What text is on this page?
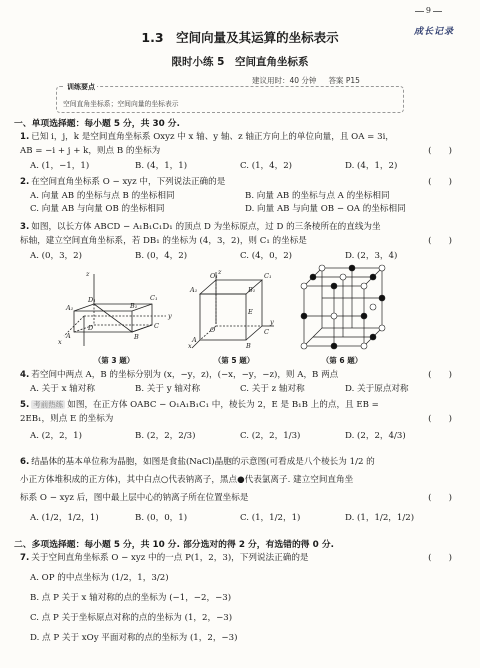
9
成长记录
1.3　空间向量及其运算的坐标表示
限时小练 5　空间直角坐标系
建议用时：40 分钟 答案 P15
训练要点
空间直角坐标系；空间向量的坐标表示
一、单项选择题：每小题 5 分，共 30 分.
1. 已知 i，j，k 是空间直角坐标系 Oxyz 中 x 轴、y 轴、z 轴正方向上的单位向量，且 OA = 3i，
AB = −i + j + k，则点 B 的坐标为	(　　)
A. (1，−1，1)	B. (4，1，1)	C. (1，4，2)	D. (4，1，2)
2. 在空间直角坐标系 O − xyz 中，下列说法正确的是	(　　)
A. 向量 AB 的坐标与点 B 的坐标相同	B. 向量 AB 的坐标与点 A 的坐标相同
C. 向量 AB 与向量 OB 的坐标相同	D. 向量 AB 与向量 OB − OA 的坐标相同
3. 如图，以长方体 ABCD − A₁B₁C₁D₁ 的顶点 D 为坐标原点，过 D 的三条棱所在的直线为坐
标轴，建立空间直角坐标系，若 DB₁ 的坐标为 (4，3，2)，则 C₁ 的坐标是	(　　)
A. (0，3，2)	B. (0，4，2)	C. (4，0，2)	D. (2，3，4)
D₁	C₁
A₁	B₁
D	C
A	B
y
x
z
（第 3 题）
z
y
x
O₁	C₁
A₁	B₁
E
O	C
A
B
（第 5 题）	（第 6 题）
4. 若空间中两点 A，B 的坐标分别为 (x，−y，z)，(−x，−y，−z)，则 A，B 两点	(　　)
A. 关于 x 轴对称	B. 关于 y 轴对称	C. 关于 z 轴对称	D. 关于原点对称
5. 考前热练 如图，在正方体 OABC − O₁A₁B₁C₁ 中，棱长为 2，E 是 B₁B 上的点，且 EB =
2EB₁，则点 E 的坐标为	(　　)
A. (2，2，1)	B. (2，2，2/3)	C. (2，2，1/3)	D. (2，2，4/3)
6. 结晶体的基本单位称为晶胞，如图是食盐(NaCl)晶胞的示意图(可看成是八个棱长为 1/2 的
小正方体堆积成的正方体)，其中白点○代表钠离子，黑点●代表氯离子. 建立空间直角坐
标系 O − xyz 后，图中最上层中心的钠离子所在位置坐标是	(　　)
A. (1/2，1/2，1)	B. (0，0，1)	C. (1，1/2，1)	D. (1，1/2，1/2)
二、多项选择题：每小题 5 分，共 10 分. 部分选对的得 2 分，有选错的得 0 分.
7. 关于空间直角坐标系 O − xyz 中的一点 P(1，2，3)，下列说法正确的是	(　　)
A. OP 的中点坐标为 (1/2，1，3/2)
B. 点 P 关于 x 轴对称的点的坐标为 (−1，−2，−3)
C. 点 P 关于坐标原点对称的点的坐标为 (1，2，−3)
D. 点 P 关于 xOy 平面对称的点的坐标为 (1，2，−3)
